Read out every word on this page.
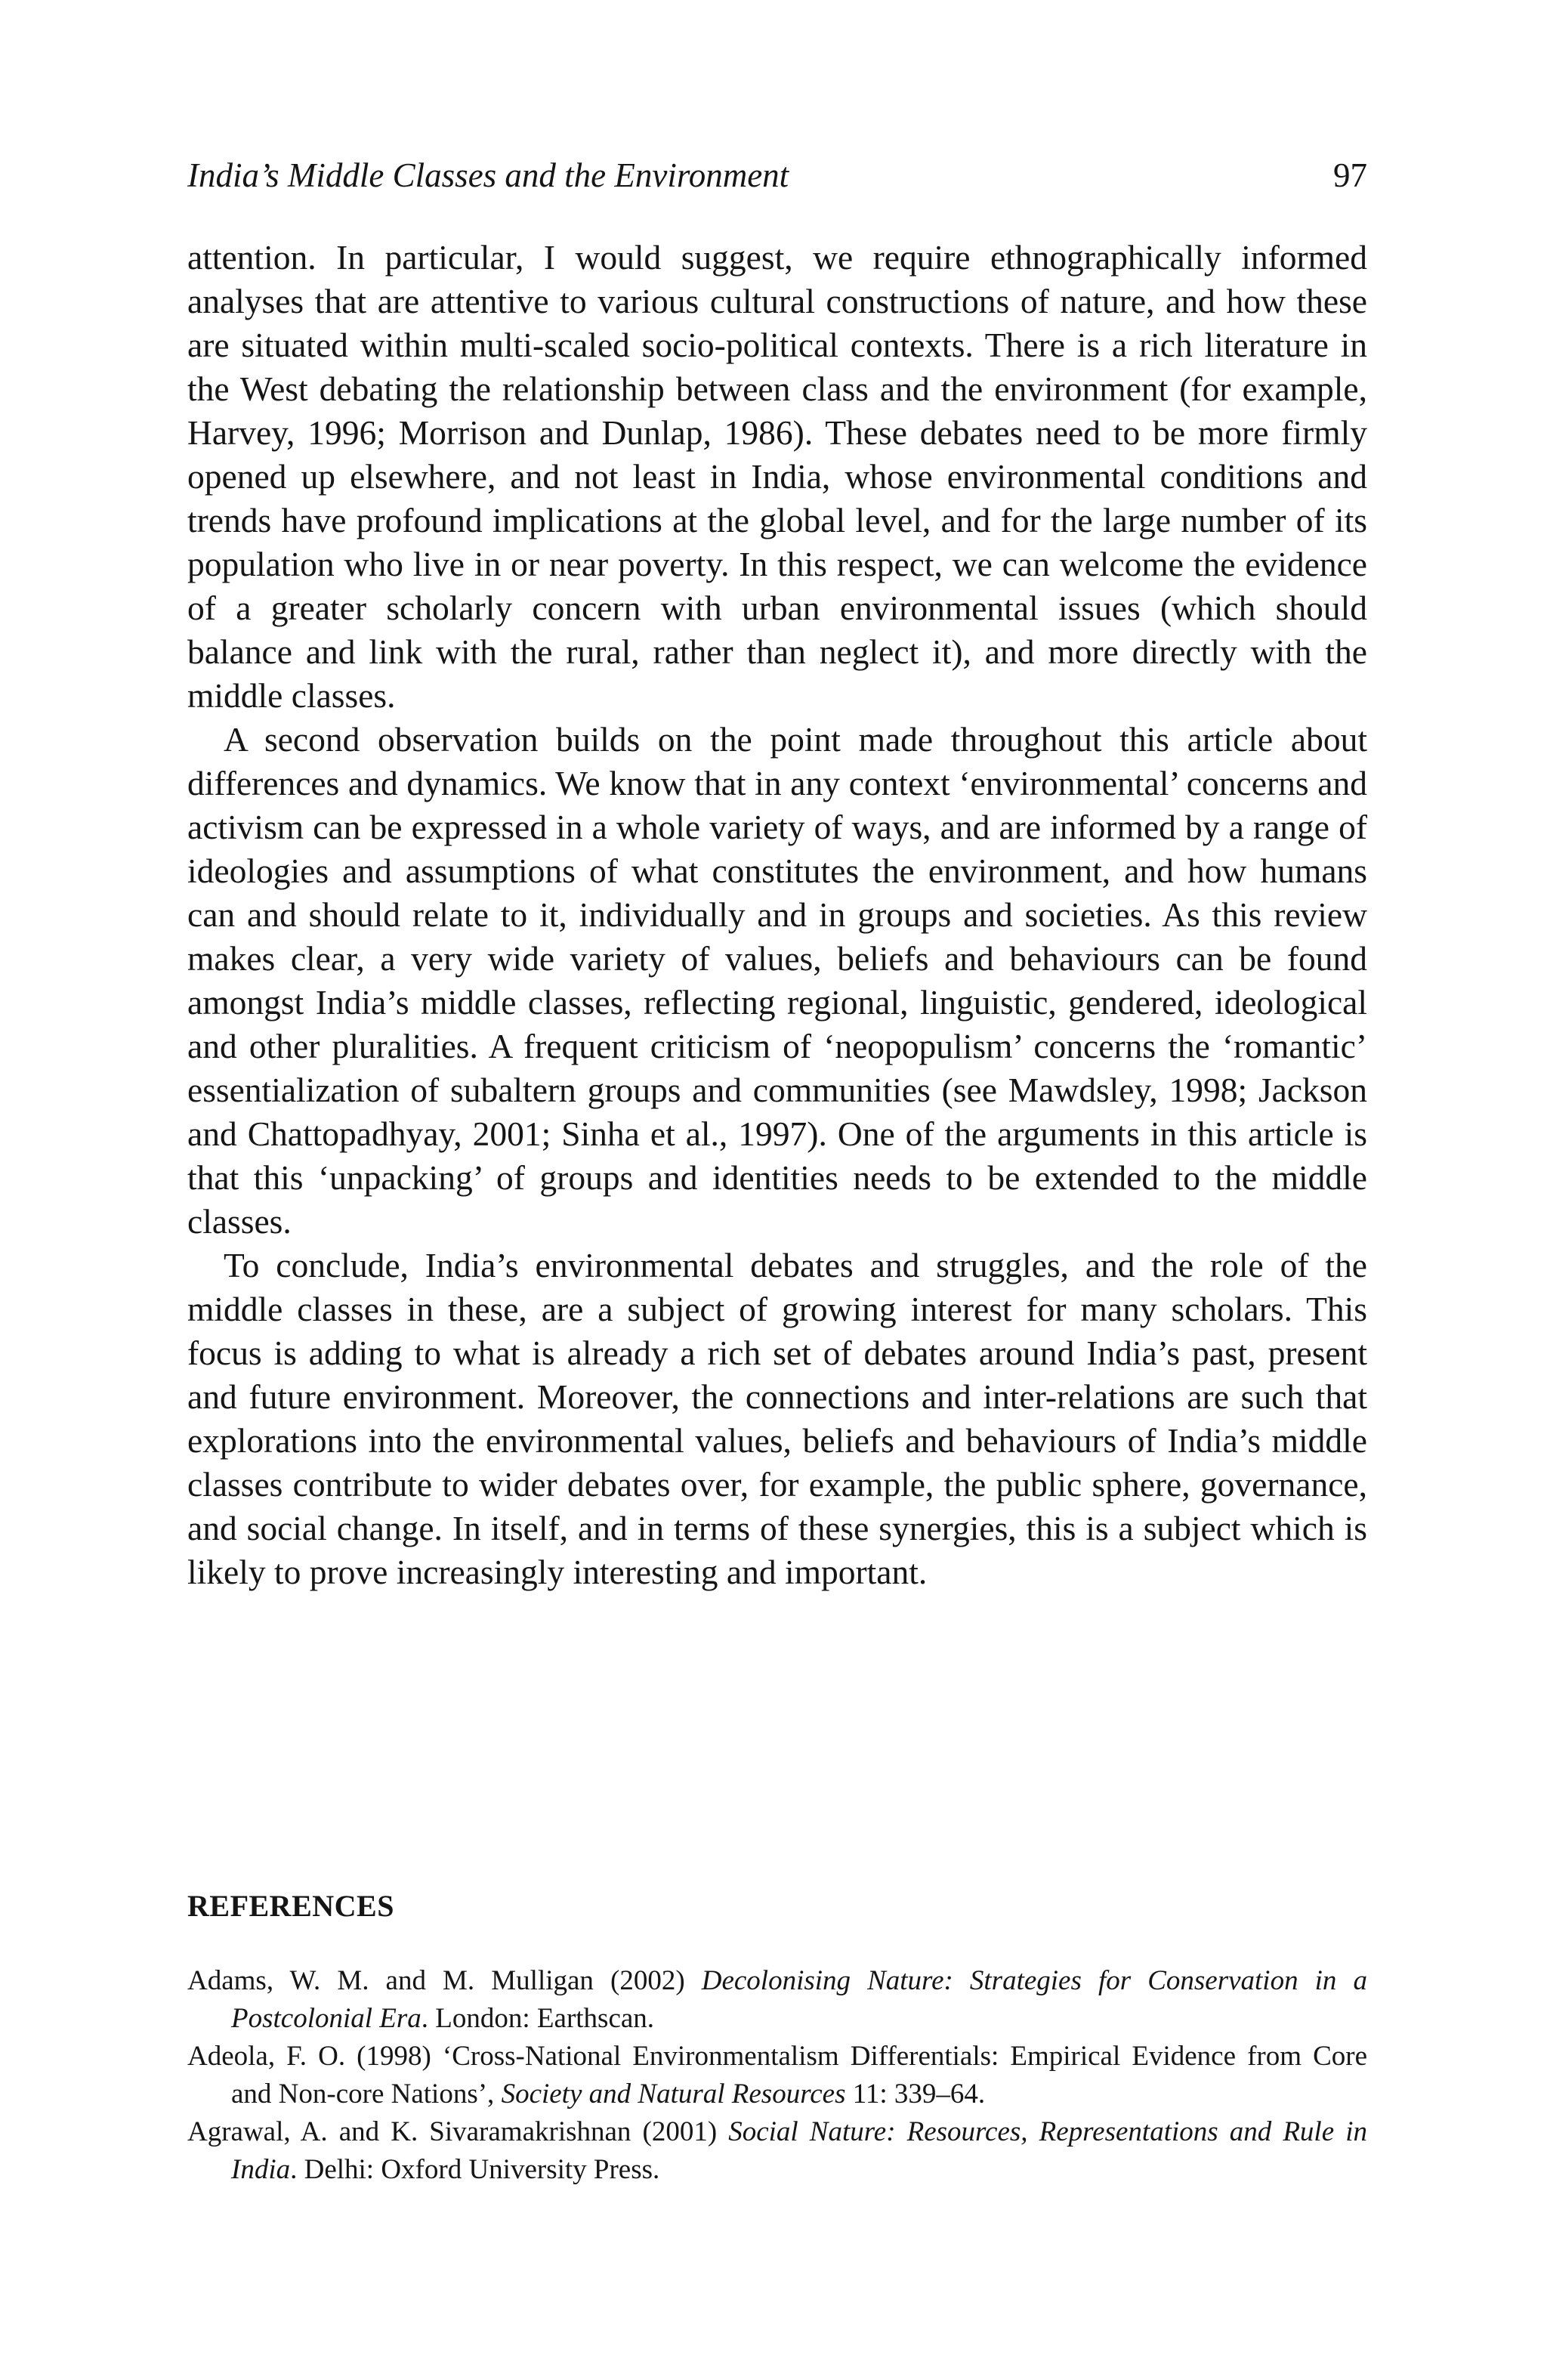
India’s Middle Classes and the Environment	97

attention. In particular, I would suggest, we require ethnographically informed analyses that are attentive to various cultural constructions of nature, and how these are situated within multi-scaled socio-political contexts. There is a rich literature in the West debating the relationship between class and the environment (for example, Harvey, 1996; Morrison and Dunlap, 1986). These debates need to be more firmly opened up elsewhere, and not least in India, whose environmental conditions and trends have profound implications at the global level, and for the large number of its population who live in or near poverty. In this respect, we can welcome the evidence of a greater scholarly concern with urban environmental issues (which should balance and link with the rural, rather than neglect it), and more directly with the middle classes.

A second observation builds on the point made throughout this article about differences and dynamics. We know that in any context ‘environmental’ concerns and activism can be expressed in a whole variety of ways, and are informed by a range of ideologies and assumptions of what constitutes the environment, and how humans can and should relate to it, individually and in groups and societies. As this review makes clear, a very wide variety of values, beliefs and behaviours can be found amongst India’s middle classes, reflecting regional, linguistic, gendered, ideological and other pluralities. A frequent criticism of ‘neopopulism’ concerns the ‘romantic’ essentialization of subaltern groups and communities (see Mawdsley, 1998; Jackson and Chattopadhyay, 2001; Sinha et al., 1997). One of the arguments in this article is that this ‘unpacking’ of groups and identities needs to be extended to the middle classes.

To conclude, India’s environmental debates and struggles, and the role of the middle classes in these, are a subject of growing interest for many scholars. This focus is adding to what is already a rich set of debates around India’s past, present and future environment. Moreover, the connections and inter-relations are such that explorations into the environmental values, beliefs and behaviours of India’s middle classes contribute to wider debates over, for example, the public sphere, governance, and social change. In itself, and in terms of these synergies, this is a subject which is likely to prove increasingly interesting and important.

REFERENCES

Adams, W. M. and M. Mulligan (2002) Decolonising Nature: Strategies for Conservation in a Postcolonial Era. London: Earthscan.

Adeola, F. O. (1998) ‘Cross-National Environmentalism Differentials: Empirical Evidence from Core and Non-core Nations’, Society and Natural Resources 11: 339–64.

Agrawal, A. and K. Sivaramakrishnan (2001) Social Nature: Resources, Representations and Rule in India. Delhi: Oxford University Press.
